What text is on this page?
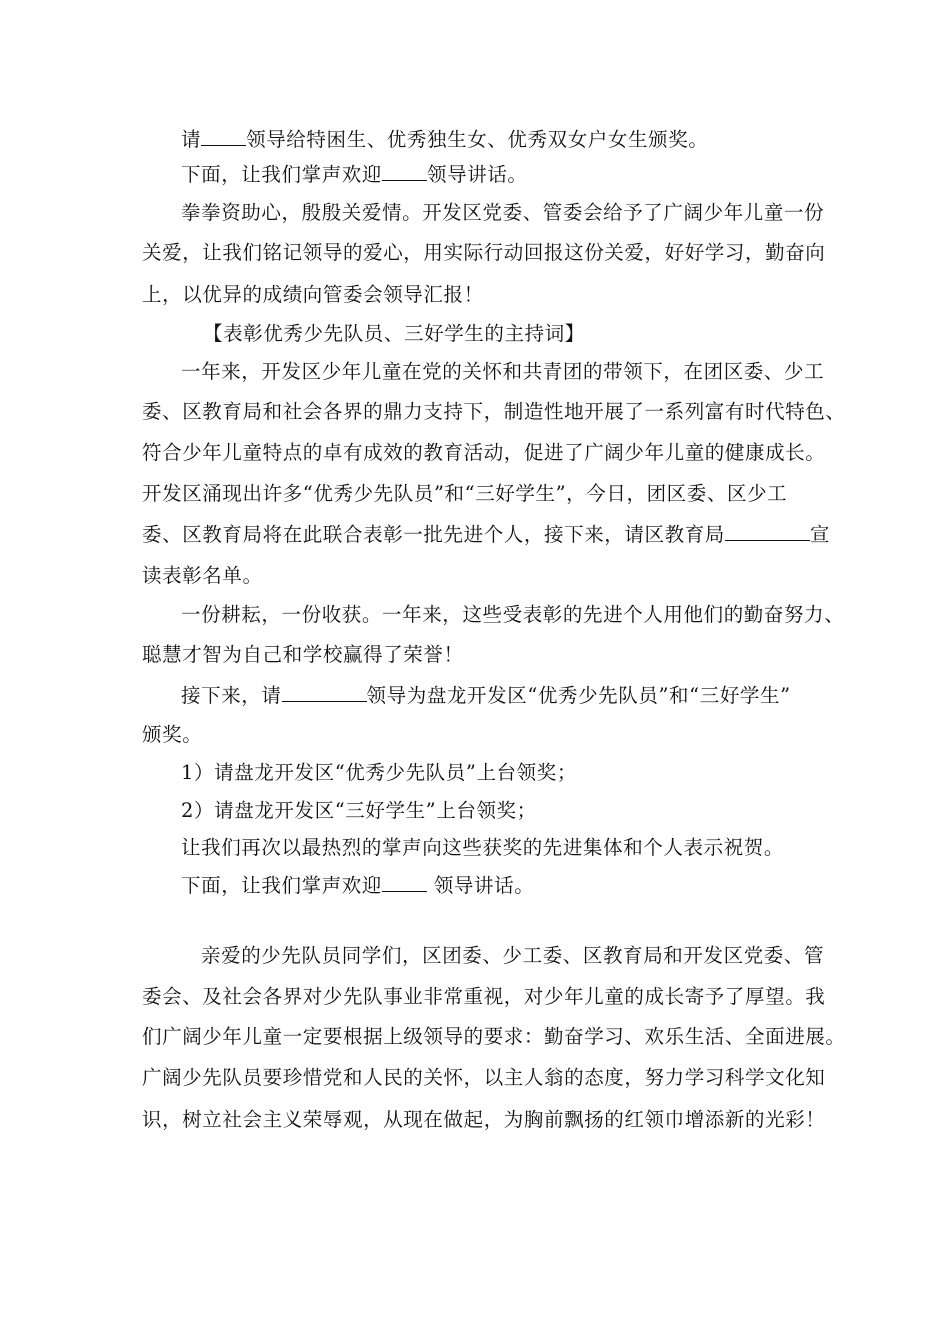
请 领导给特困生、优秀独生女、优秀双女户女生颁奖。
下面，让我们掌声欢迎 领导讲话。
拳拳资助心，殷殷关爱情。开发区党委、管委会给予了广阔少年儿童一份
关爱，让我们铭记领导的爱心，用实际行动回报这份关爱，好好学习，勤奋向
上，以优异的成绩向管委会领导汇报！
【表彰优秀少先队员、三好学生的主持词】
一年来，开发区少年儿童在党的关怀和共青团的带领下，在团区委、少工
委、区教育局和社会各界的鼎力支持下，制造性地开展了一系列富有时代特色、
符合少年儿童特点的卓有成效的教育活动，促进了广阔少年儿童的健康成长。
开发区涌现出许多“优秀少先队员”和“三好学生”，今日，团区委、区少工
委、区教育局将在此联合表彰一批先进个人，接下来，请区教育局	宣
读表彰名单。
一份耕耘，一份收获。一年来，这些受表彰的先进个人用他们的勤奋努力、
聪慧才智为自己和学校赢得了荣誉！
接下来，请	领导为盘龙开发区“优秀少先队员”和“三好学生”
颁奖。
1）请盘龙开发区“优秀少先队员”上台领奖；
2）请盘龙开发区“三好学生”上台领奖；
让我们再次以最热烈的掌声向这些获奖的先进集体和个人表示祝贺。
下面，让我们掌声欢迎 领导讲话。
亲爱的少先队员同学们，区团委、少工委、区教育局和开发区党委、管
委会、及社会各界对少先队事业非常重视，对少年儿童的成长寄予了厚望。我
们广阔少年儿童一定要根据上级领导的要求：勤奋学习、欢乐生活、全面进展。
广阔少先队员要珍惜党和人民的关怀，以主人翁的态度，努力学习科学文化知
识，树立社会主义荣辱观，从现在做起，为胸前飘扬的红领巾增添新的光彩！
